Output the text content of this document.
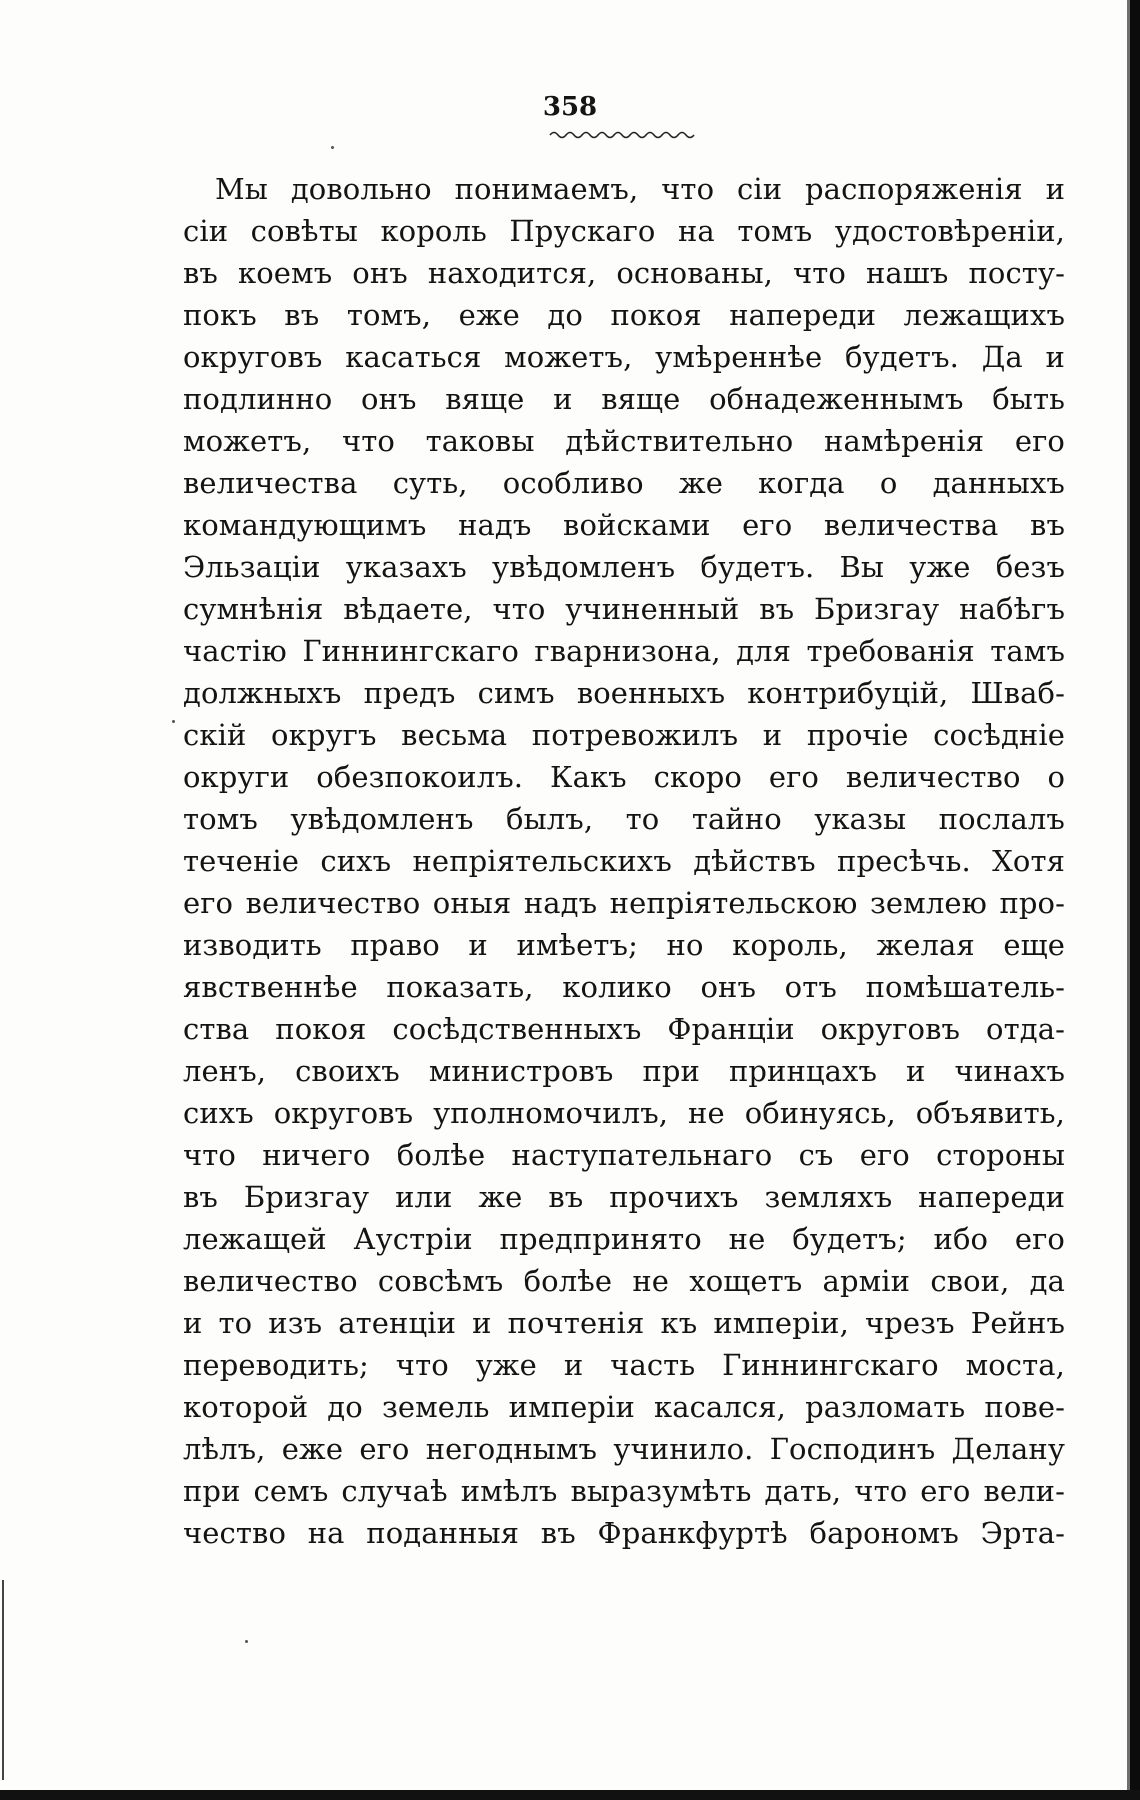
358
Мы довольно понимаемъ, что сіи распоряженія и
сіи совѣты король Прускаго на томъ удостовѣреніи,
въ коемъ онъ находится, основаны, что нашъ посту-
покъ въ томъ, еже до покоя напереди лежащихъ
округовъ касаться можетъ, умѣреннѣе будетъ. Да и
подлинно онъ вяще и вяще обнадеженнымъ быть
можетъ, что таковы дѣйствительно намѣренія его
величества суть, особливо же когда о данныхъ
командующимъ надъ войсками его величества въ
Эльзаціи указахъ увѣдомленъ будетъ. Вы уже безъ
сумнѣнія вѣдаете, что учиненный въ Бризгау набѣгъ
частію Гиннингскаго гварнизона, для требованія тамъ
должныхъ предъ симъ военныхъ контрибуцій, Шваб-
скій округъ весьма потревожилъ и прочіе сосѣдніе
округи обезпокоилъ. Какъ скоро его величество о
томъ увѣдомленъ былъ, то тайно указы послалъ
теченіе сихъ непріятельскихъ дѣйствъ пресѣчь. Хотя
его величество оныя надъ непріятельскою землею про-
изводить право и имѣетъ; но король, желая еще
явственнѣе показать, колико онъ отъ помѣшатель-
ства покоя сосѣдственныхъ Франціи округовъ отда-
ленъ, своихъ министровъ при принцахъ и чинахъ
сихъ округовъ уполномочилъ, не обинуясь, объявить,
что ничего болѣе наступательнаго съ его стороны
въ Бризгау или же въ прочихъ земляхъ напереди
лежащей Аустріи предпринято не будетъ; ибо его
величество совсѣмъ болѣе не хощетъ арміи свои, да
и то изъ атенціи и почтенія къ имперіи, чрезъ Рейнъ
переводить; что уже и часть Гиннингскаго моста,
которой до земель имперіи касался, разломать пове-
лѣлъ, еже его негоднымъ учинило. Господинъ Делану
при семъ случаѣ имѣлъ выразумѣть дать, что его вели-
чество на поданныя въ Франкфуртѣ барономъ Эрта-
